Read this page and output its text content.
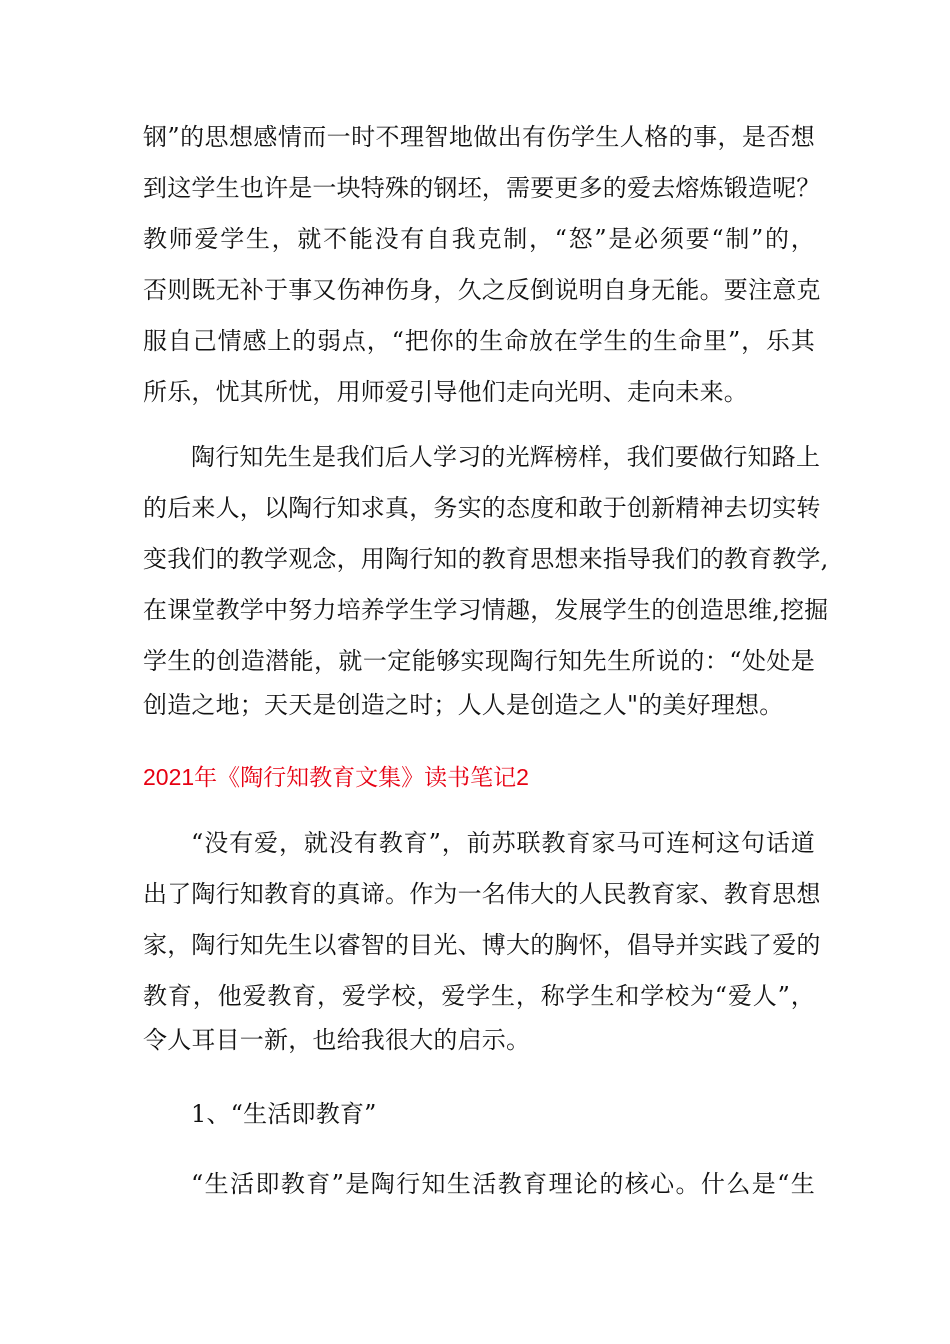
钢”的思想感情而一时不理智地做出有伤学生人格的事，是否想
到这学生也许是一块特殊的钢坯，需要更多的爱去熔炼锻造呢？
教师爱学生，就不能没有自我克制，“怒”是必须要“制”的，
否则既无补于事又伤神伤身，久之反倒说明自身无能。要注意克
服自己情感上的弱点，“把你的生命放在学生的生命里”，乐其
所乐，忧其所忧，用师爱引导他们走向光明、走向未来。
陶行知先生是我们后人学习的光辉榜样，我们要做行知路上
的后来人，以陶行知求真，务实的态度和敢于创新精神去切实转
变我们的教学观念，用陶行知的教育思想来指导我们的教育教学,
在课堂教学中努力培养学生学习情趣，发展学生的创造思维,挖掘
学生的创造潜能，就一定能够实现陶行知先生所说的：“处处是
创造之地；天天是创造之时；人人是创造之人"的美好理想。
2021年《陶行知教育文集》读书笔记2
“没有爱，就没有教育”，前苏联教育家马可连柯这句话道
出了陶行知教育的真谛。作为一名伟大的人民教育家、教育思想
家，陶行知先生以睿智的目光、博大的胸怀，倡导并实践了爱的
教育，他爱教育，爱学校，爱学生，称学生和学校为“爱人”，
令人耳目一新，也给我很大的启示。
1、“生活即教育”
“生活即教育”是陶行知生活教育理论的核心。什么是“生
